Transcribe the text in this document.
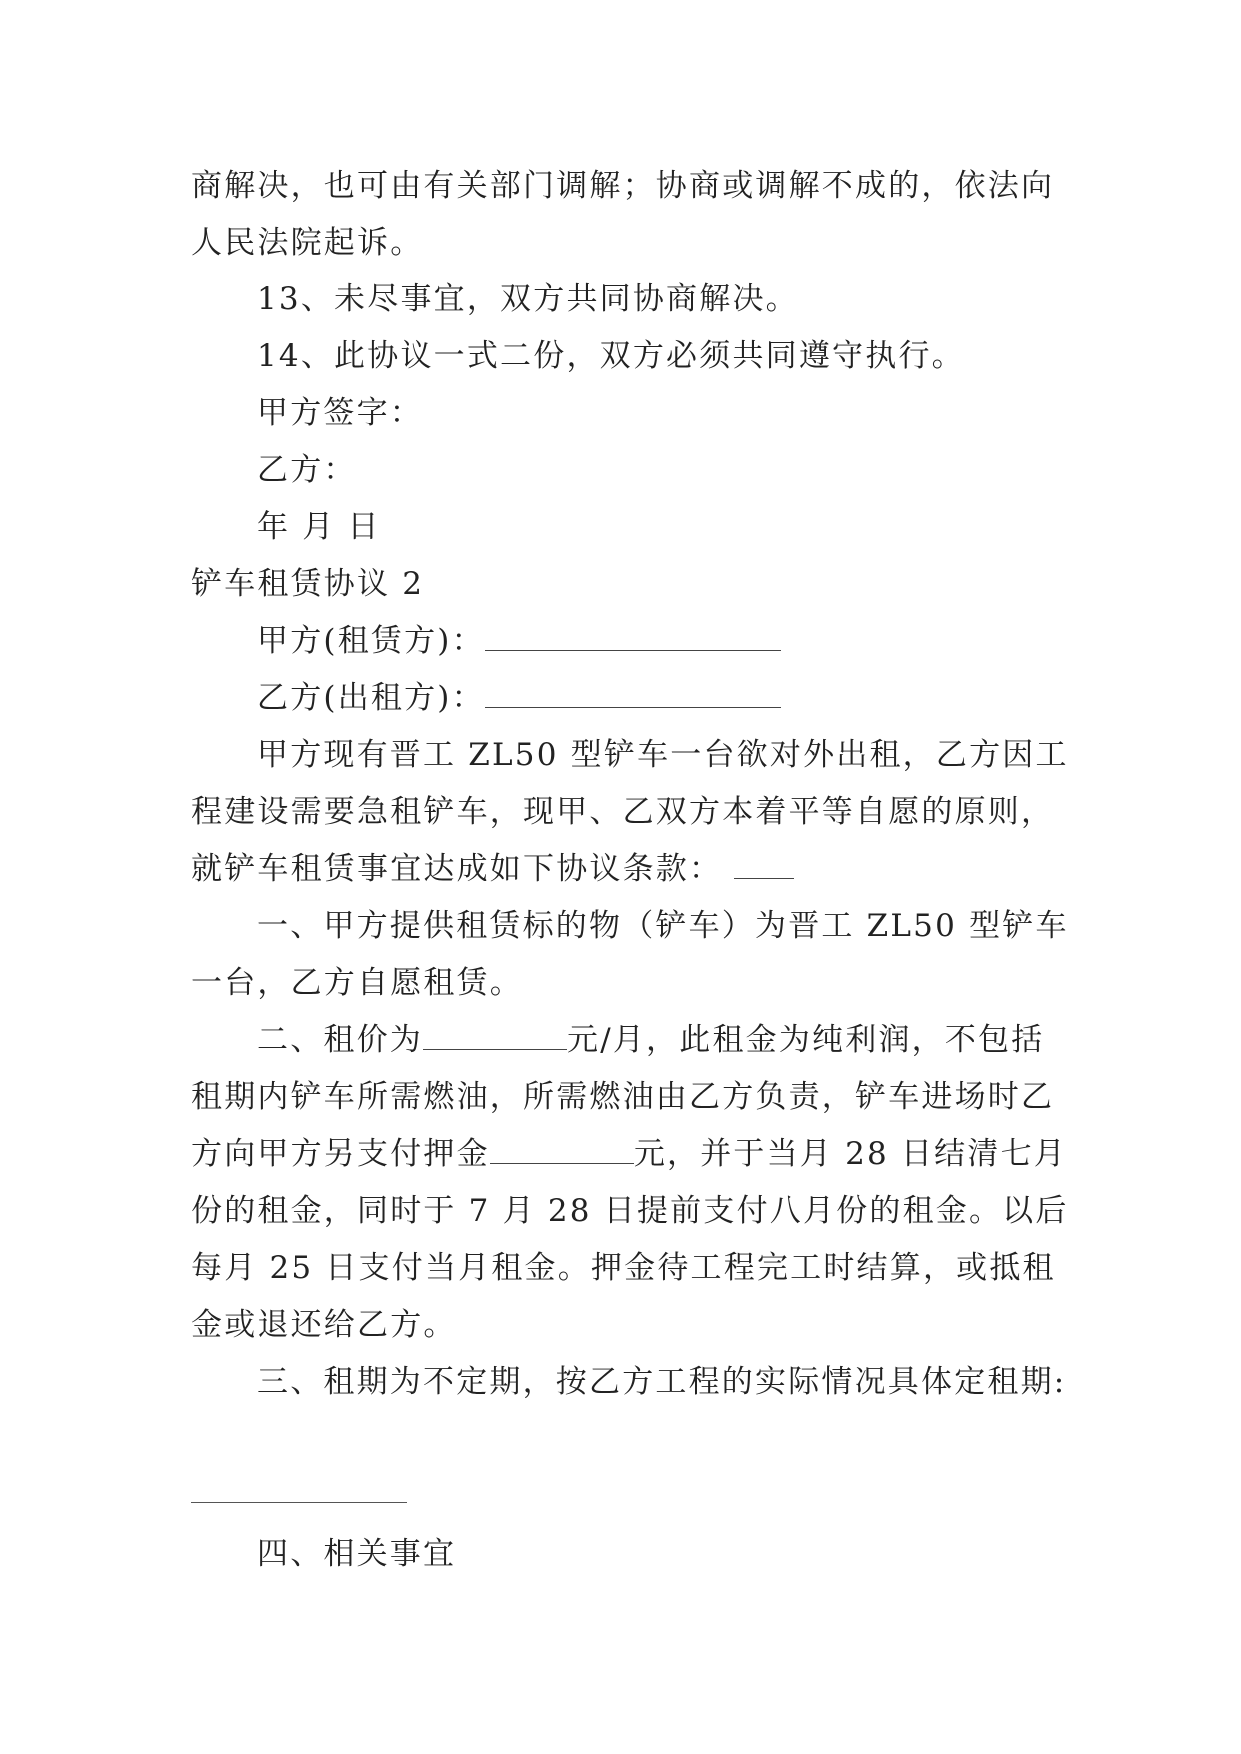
商解决，也可由有关部门调解；协商或调解不成的，依法向
人民法院起诉。
13、未尽事宜，双方共同协商解决。
14、此协议一式二份，双方必须共同遵守执行。
甲方签字：
乙方：
年 月 日
铲车租赁协议 2
甲方(租赁方)：
乙方(出租方)：
甲方现有晋工 ZL50 型铲车一台欲对外出租，乙方因工
程建设需要急租铲车，现甲、乙双方本着平等自愿的原则，
就铲车租赁事宜达成如下协议条款：
一、甲方提供租赁标的物（铲车）为晋工 ZL50 型铲车
一台，乙方自愿租赁。
二、租价为	元/月，此租金为纯利润，不包括
租期内铲车所需燃油，所需燃油由乙方负责，铲车进场时乙
方向甲方另支付押金	元，并于当月 28 日结清七月
份的租金，同时于 7 月 28 日提前支付八月份的租金。以后
每月 25 日支付当月租金。押金待工程完工时结算，或抵租
金或退还给乙方。
三、租期为不定期，按乙方工程的实际情况具体定租期:
四、相关事宜
